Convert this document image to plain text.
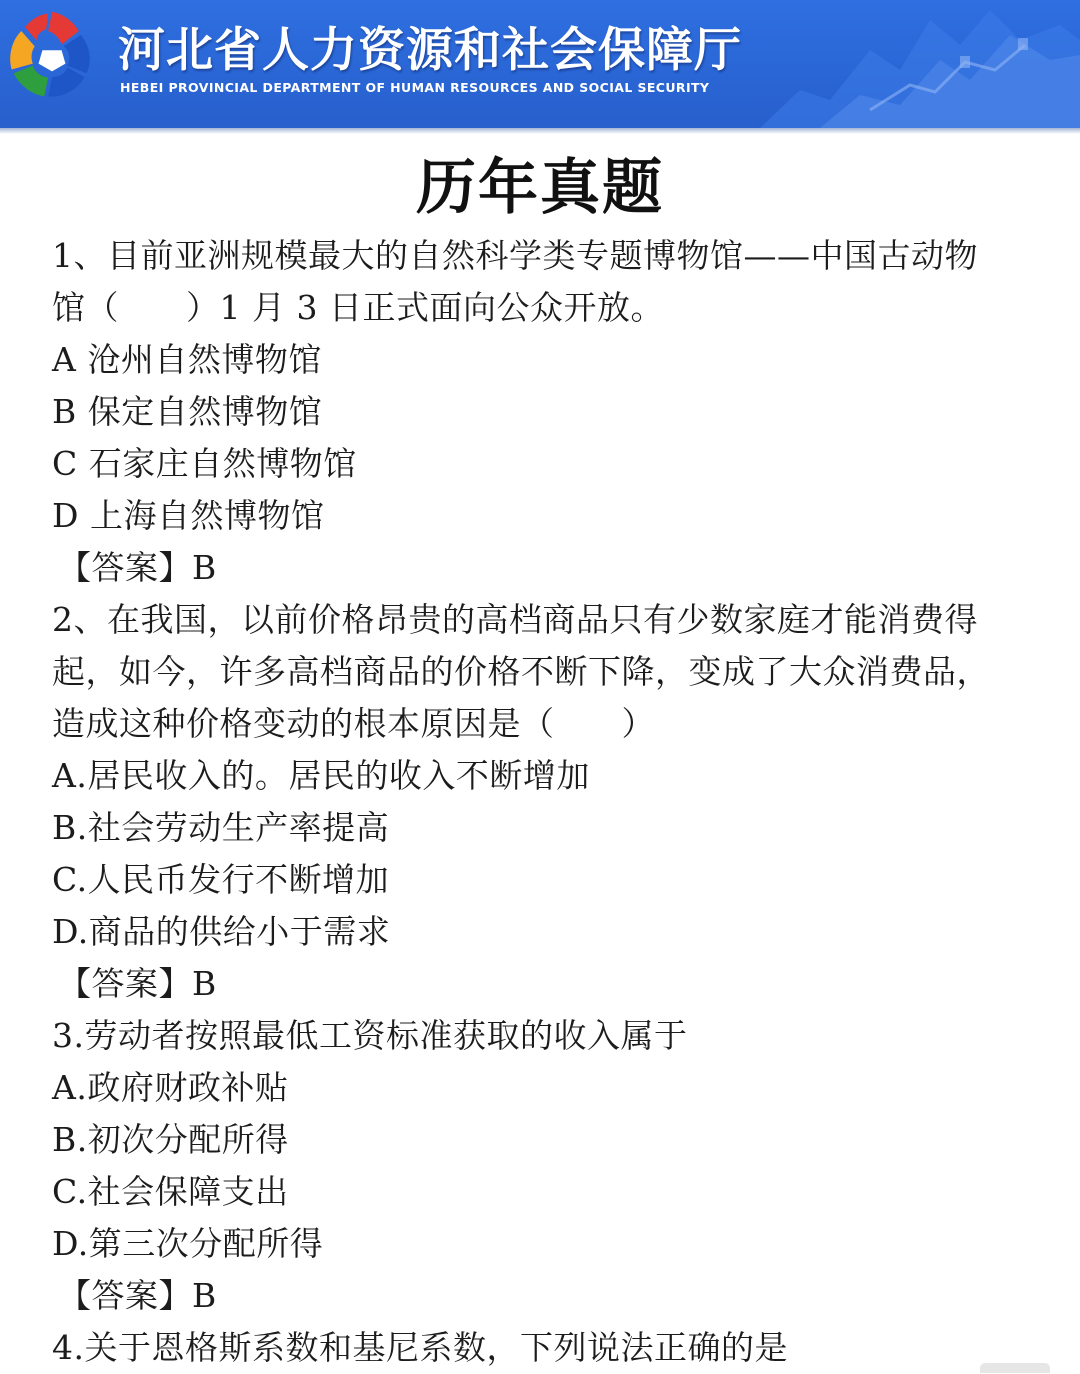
河北省人力资源和社会保障厅
HEBEI PROVINCIAL DEPARTMENT OF HUMAN RESOURCES AND SOCIAL SECURITY
历年真题
1、目前亚洲规模最大的自然科学类专题博物馆——中国古动物
馆（　　）1 月 3 日正式面向公众开放。
A 沧州自然博物馆
B 保定自然博物馆
C 石家庄自然博物馆
D 上海自然博物馆
【答案】B
2、在我国，以前价格昂贵的高档商品只有少数家庭才能消费得
起，如今，许多高档商品的价格不断下降，变成了大众消费品，
造成这种价格变动的根本原因是（　　）
A.居民收入的。居民的收入不断增加
B.社会劳动生产率提高
C.人民币发行不断增加
D.商品的供给小于需求
【答案】B
3.劳动者按照最低工资标准获取的收入属于
A.政府财政补贴
B.初次分配所得
C.社会保障支出
D.第三次分配所得
【答案】B
4.关于恩格斯系数和基尼系数，下列说法正确的是
